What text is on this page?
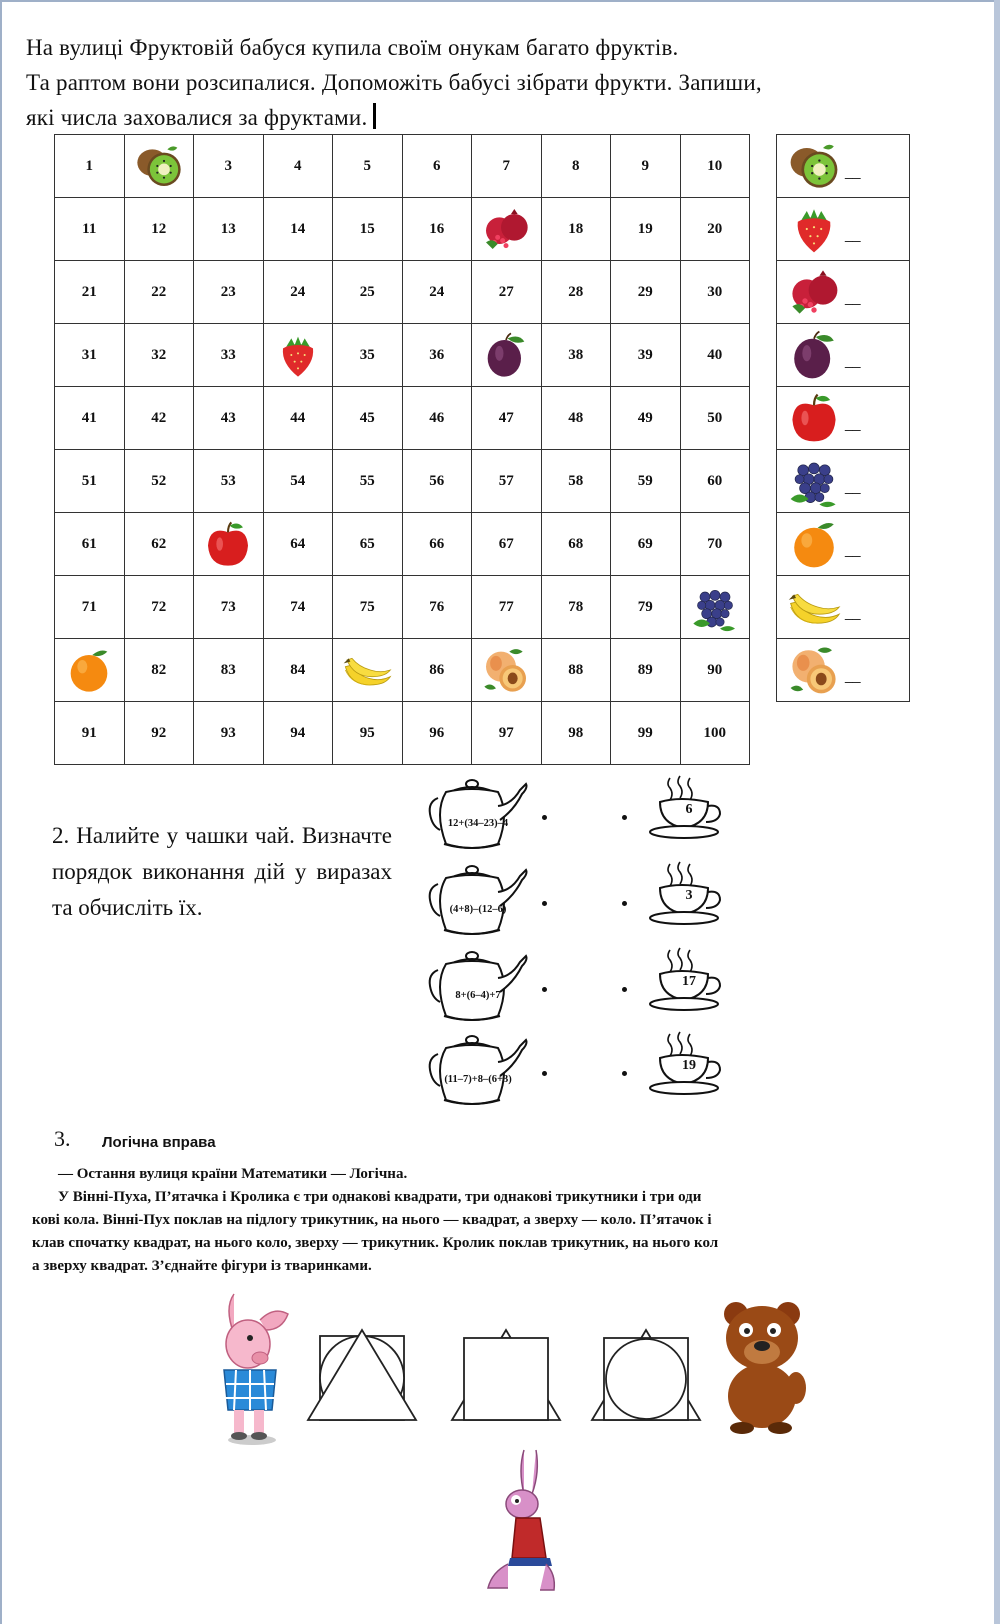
На вулиці Фруктовій бабуся купила своїм онукам багато фруктів.
Та раптом вони розсипалися. Допоможіть бабусі зібрати фрукти. Запиши,
які числа заховалися за фруктами.
1		3	4	5	6	7	8	9	10
11	12	13	14	15	16		18	19	20
21	22	23	24	25	24	27	28	29	30
31	32	33		35	36		38	39	40
41	42	43	44	45	46	47	48	49	50
51	52	53	54	55	56	57	58	59	60
61	62		64	65	66	67	68	69	70
71	72	73	74	75	76	77	78	79	
	82	83	84		86		88	89	90
91	92	93	94	95	96	97	98	99	100
__

__

__

__

__

__

__

__

__
2. Налийте у чашки чай. Визначте порядок виконання дій у виразах та обчисліть їх.
12+(34–23)–4
6
(4+8)–(12–6)
3
8+(6–4)+7
17
(11–7)+8–(6+3)
19
3. Логічна вправа
— Остання вулиця країни Математики — Логічна.
У Вінні-Пуха, П’ятачка і Кролика є три однакові квадрати, три однакові трикутники і три оди
кові кола. Вінні-Пух поклав на підлогу трикутник, на нього — квадрат, а зверху — коло. П’ятачок і
клав спочатку квадрат, на нього коло, зверху — трикутник. Кролик поклав трикутник, на нього кол
а зверху квадрат. З’єднайте фігури із тваринками.
